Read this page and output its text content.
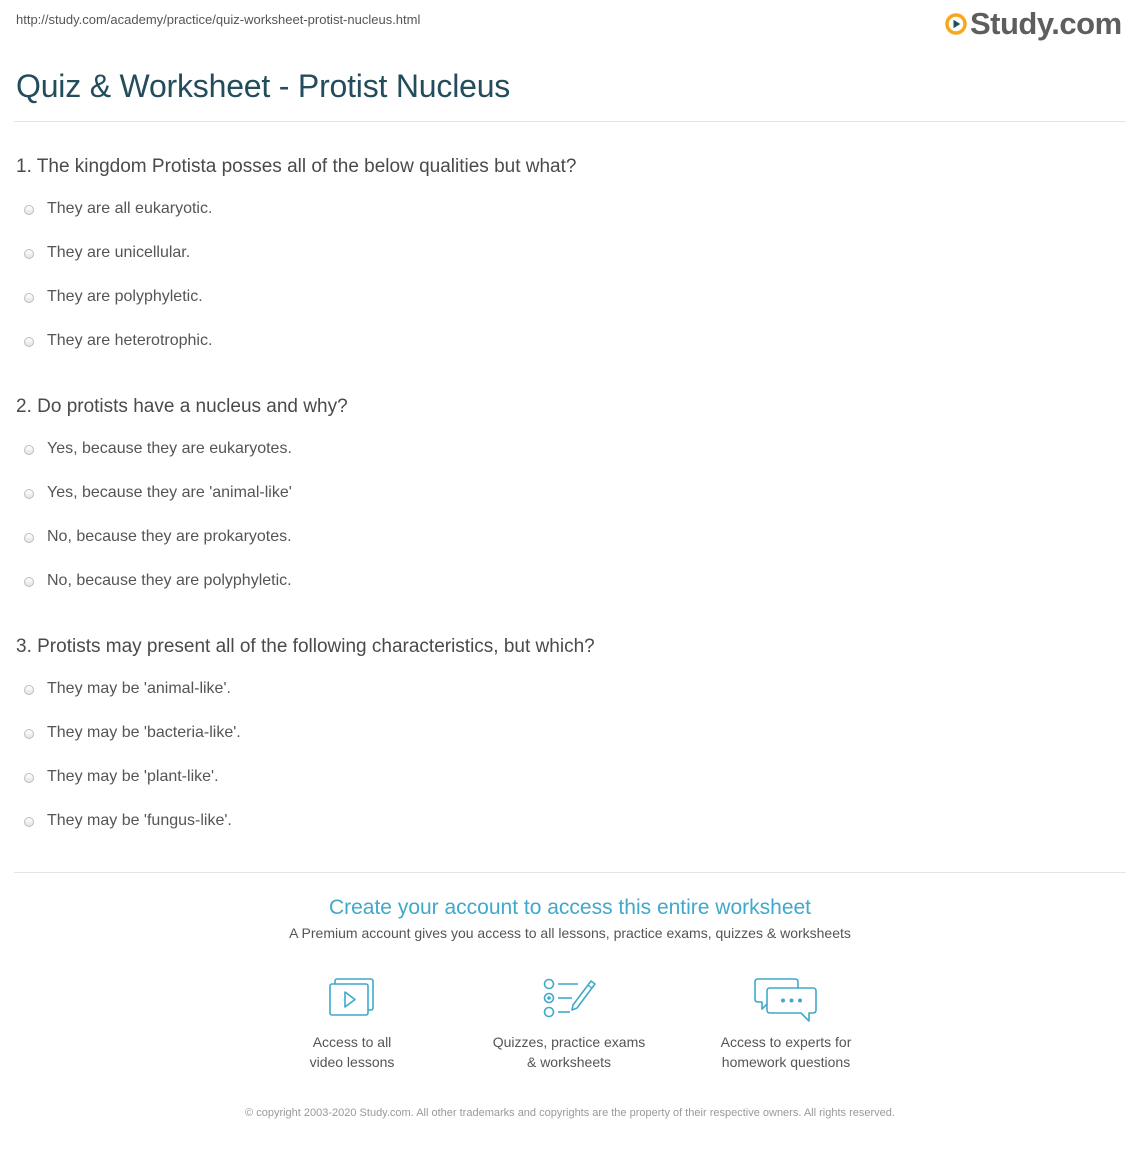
http://study.com/academy/practice/quiz-worksheet-protist-nucleus.html	Study.com
Quiz & Worksheet - Protist Nucleus

1. The kingdom Protista posses all of the below qualities but what?

They are all eukaryotic.
They are unicellular.
They are polyphyletic.
They are heterotrophic.

2. Do protists have a nucleus and why?

Yes, because they are eukaryotes.
Yes, because they are 'animal-like'
No, because they are prokaryotes.
No, because they are polyphyletic.

3. Protists may present all of the following characteristics, but which?

They may be 'animal-like'.
They may be 'bacteria-like'.
They may be 'plant-like'.
They may be 'fungus-like'.
Create your account to access this entire worksheet
A Premium account gives you access to all lessons, practice exams, quizzes & worksheets
Access to all
video lessons
Quizzes, practice exams
& worksheets
Access to experts for
homework questions
© copyright 2003-2020 Study.com. All other trademarks and copyrights are the property of their respective owners. All rights reserved.
